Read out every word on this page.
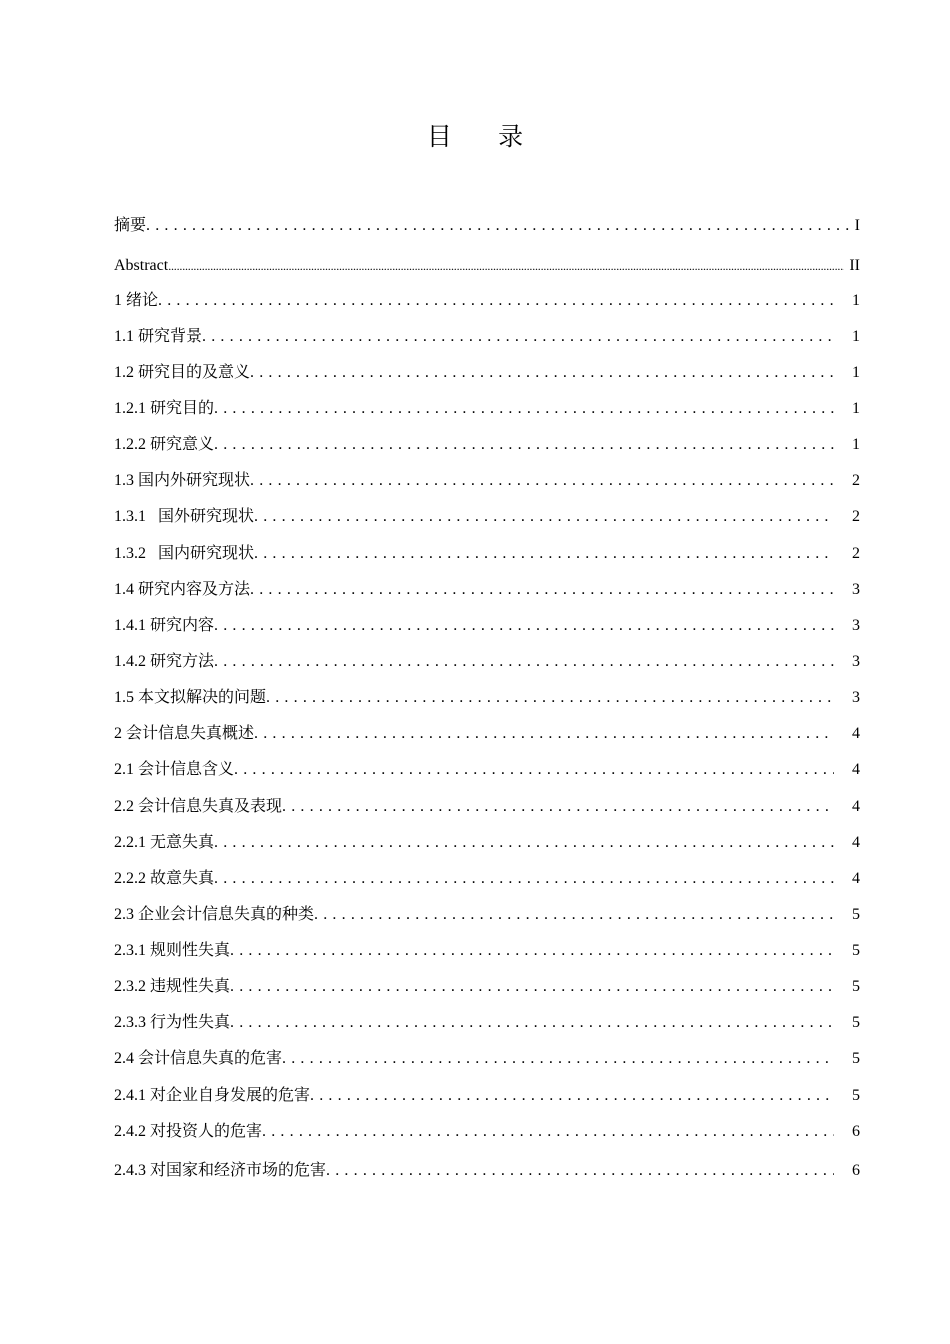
目 录
摘要 . . .	I
Abstract .....	II
1 绪论 . . .	1
1.1 研究背景 . . .	1
1.2 研究目的及意义 . . .	1
1.2.1 研究目的 . . .	1
1.2.2 研究意义 . . .	1
1.3 国内外研究现状 . . .	2
1.3.1   国外研究现状 . . .	2
1.3.2   国内研究现状 . . .	2
1.4 研究内容及方法 . . .	3
1.4.1 研究内容 . . .	3
1.4.2 研究方法 . . .	3
1.5 本文拟解决的问题 . . .	3
2 会计信息失真概述 . . .	4
2.1 会计信息含义 . . .	4
2.2 会计信息失真及表现 . . .	4
2.2.1 无意失真 . . .	4
2.2.2 故意失真 . . .	4
2.3 企业会计信息失真的种类 . . .	5
2.3.1 规则性失真 . . .	5
2.3.2 违规性失真 . . .	5
2.3.3 行为性失真 . . .	5
2.4 会计信息失真的危害 . . .	5
2.4.1 对企业自身发展的危害 . . .	5
2.4.2 对投资人的危害 . . .	6
2.4.3 对国家和经济市场的危害 . . .	6
